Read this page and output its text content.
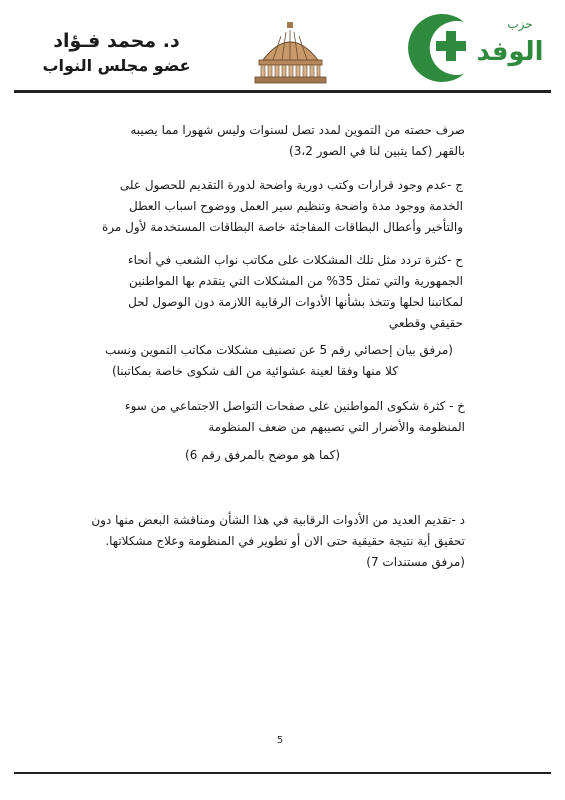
د. محمد فـؤاد
عضو مجلس النواب
حزب
الوفد
صرف حصته من التموين لمدد تصل لسنوات وليس شهورا مما يصيبه
بالقهر (كما يتبين لنا في الصور 3،2)
ج -عدم وجود قرارات وكتب دورية واضحة لدورة التقديم للحصول على
الخدمة ووجود مدة واضحة وتنظيم سير العمل ووضوح اسباب العطل
والتأخير وأعطال البطاقات المفاجئة خاصة البطاقات المستخدمة لأول مرة
ح -كثرة تردد مثل تلك المشكلات على مكاتب نواب الشعب في أنحاء
الجمهورية والتي تمثل 35% من المشكلات التي يتقدم بها المواطنين
لمكاتبنا لحلها وتتخذ بشأنها الأدوات الرقابية اللازمة دون الوصول لحل
حقيقي وقطعي
(مرفق بيان إحصائي رقم 5 عن تصنيف مشكلات مكاتب التموين ونسب
كلا منها وفقا لعينة عشوائية من الف شكوى خاصة بمكاتبنا)
خ - كثرة شكوى المواطنين على صفحات التواصل الاجتماعي من سوء
المنظومة والأضرار التي تصيبهم من ضعف المنظومة
(كما هو موضح بالمرفق رقم 6)
د -تقديم العديد من الأدوات الرقابية في هذا الشأن ومناقشة البعض منها دون
تحقيق أية نتيجة حقيقية حتى الان أو تطوير في المنظومة وعلاج مشكلاتها.
(مرفق مستندات 7)
5
